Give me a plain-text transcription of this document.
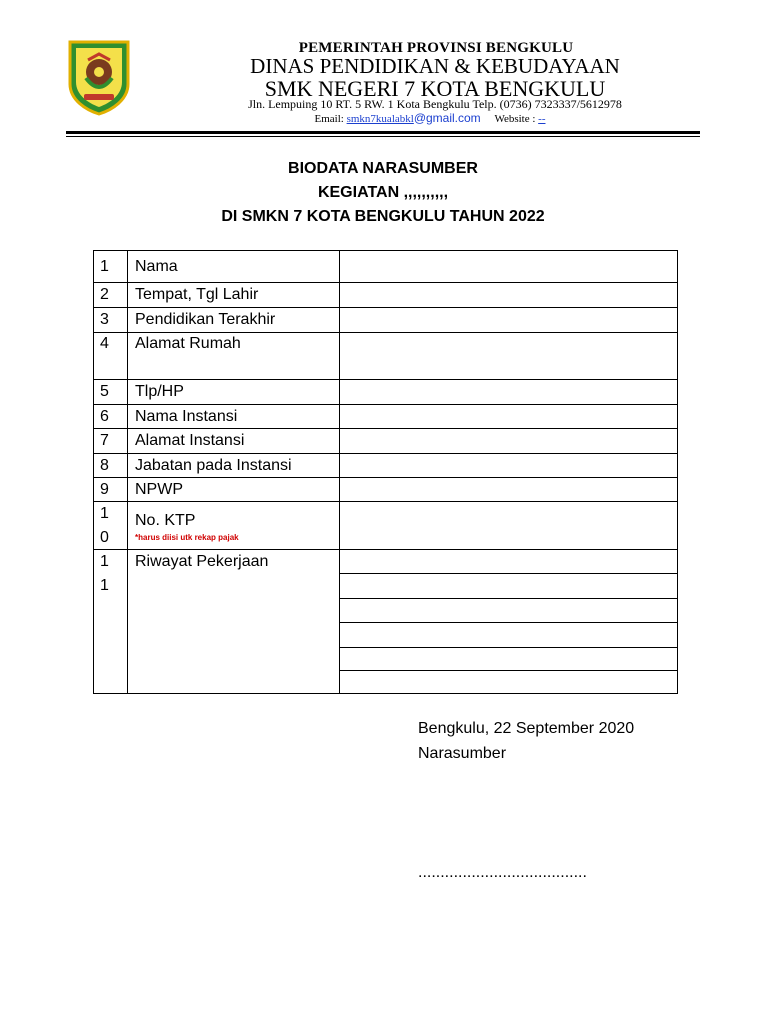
PEMERINTAH PROVINSI BENGKULU
DINAS PENDIDIKAN & KEBUDAYAAN
SMK NEGERI 7 KOTA BENGKULU
Jln. Lempuing 10 RT. 5 RW. 1 Kota Bengkulu Telp. (0736) 7323337/5612978
Email: smkn7kualabkl@gmail.com Website : --
BIODATA NARASUMBER
KEGIATAN ,,,,,,,,,,
DI SMKN 7 KOTA BENGKULU TAHUN 2022
1 Nama
2 Tempat, Tgl Lahir
3 Pendidikan Terakhir
4 Alamat Rumah
5 Tlp/HP
6 Nama Instansi
7 Alamat Instansi
8 Jabatan pada Instansi
9 NPWP
1
0
No. KTP
*harus diisi utk rekap pajak
1
1
Riwayat Pekerjaan
Bengkulu, 22 September 2020
Narasumber
......................................
